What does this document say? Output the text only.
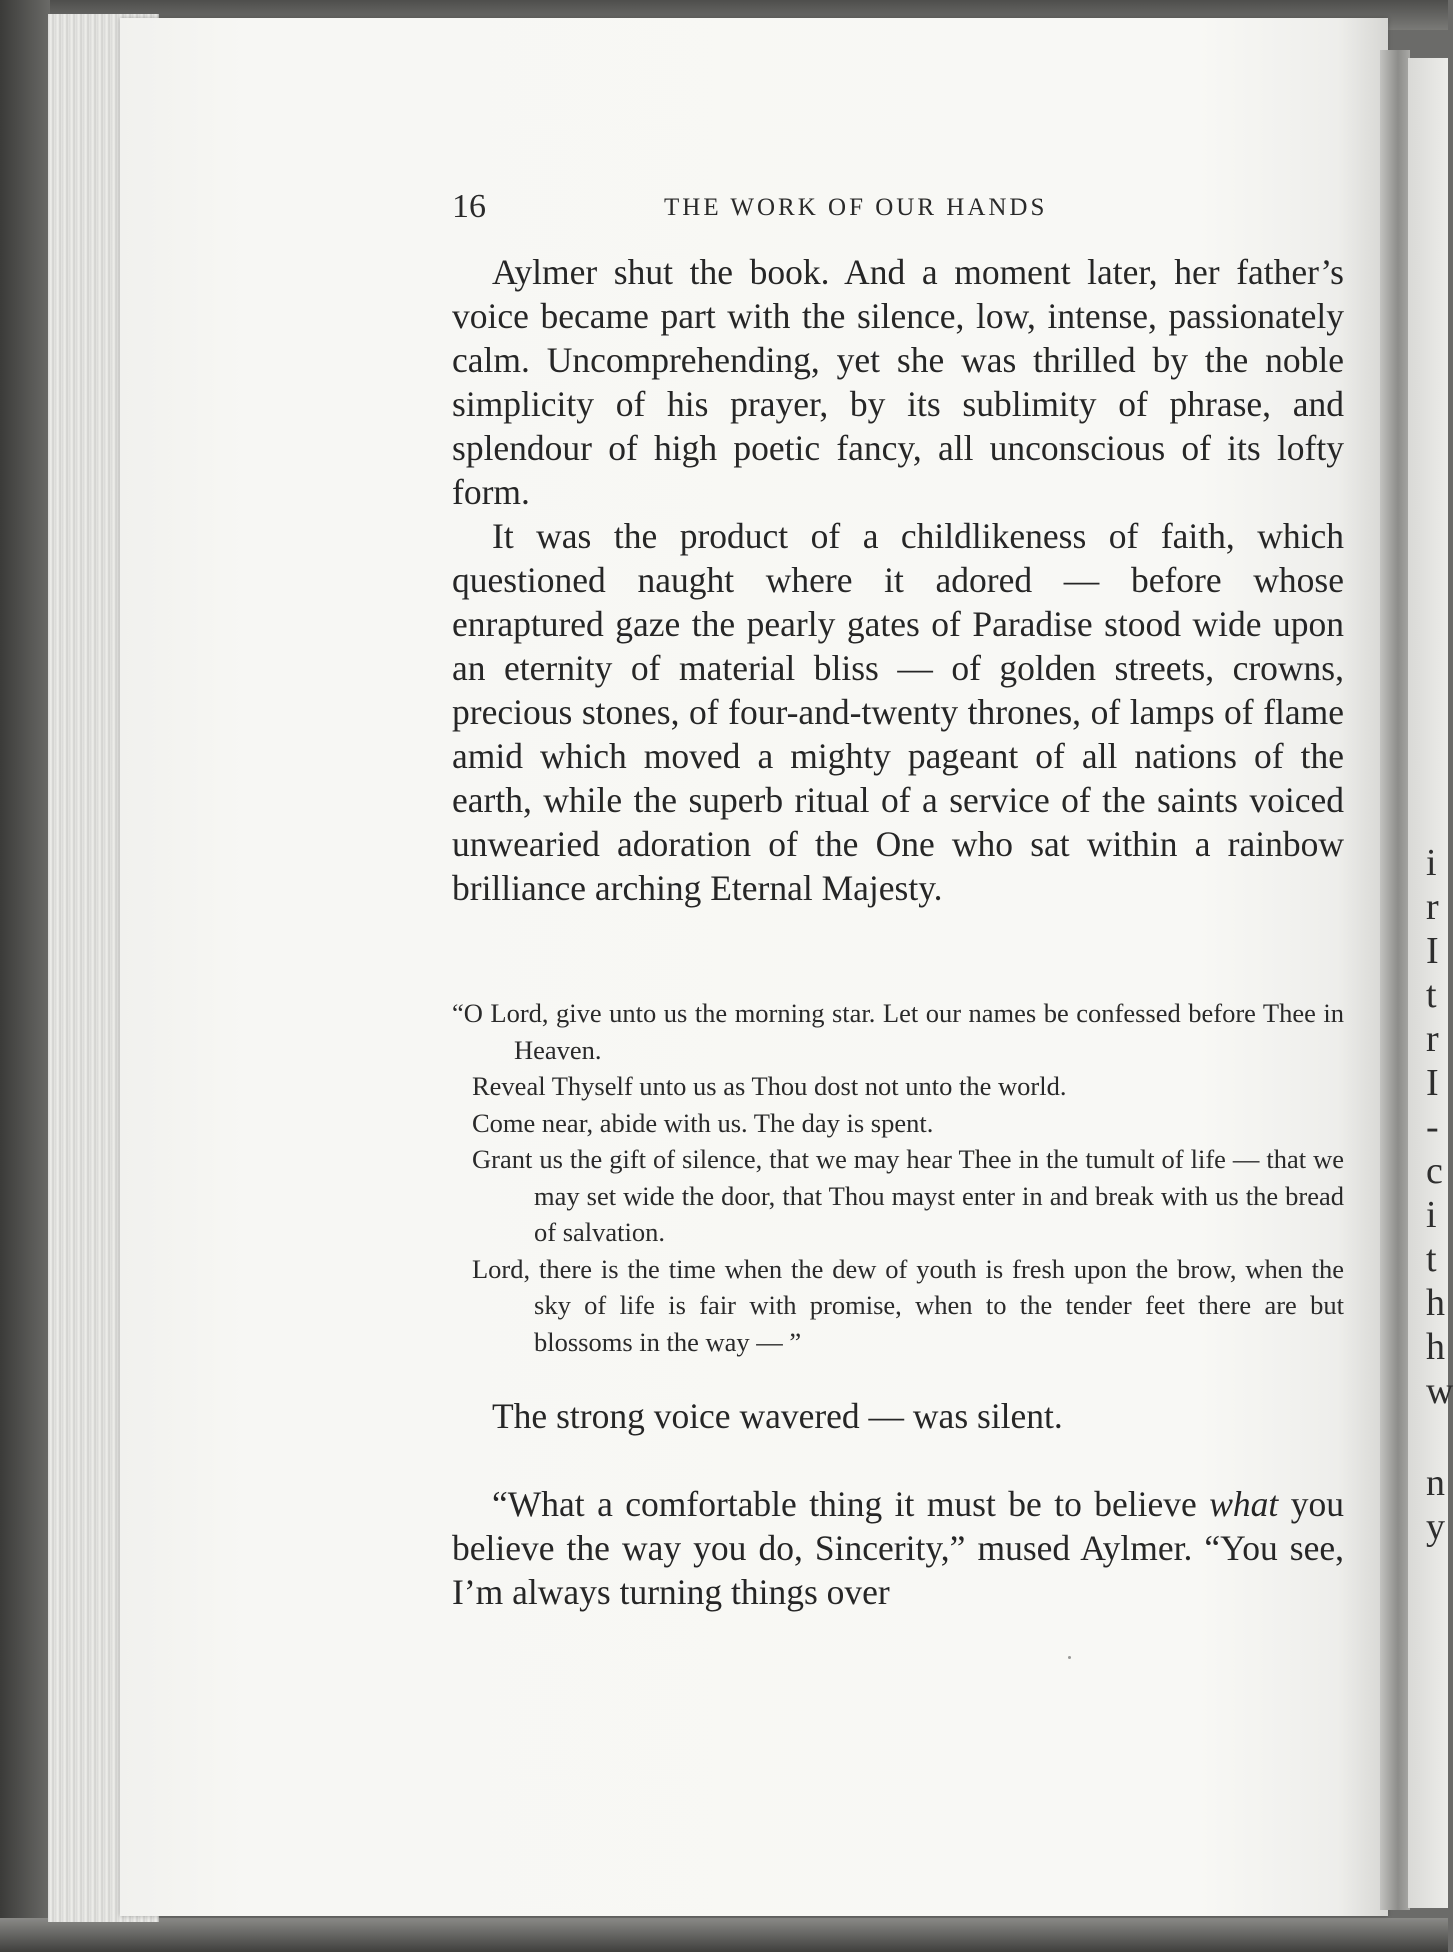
i
r
I
t
r
I
-
c
i
t
h
h
w
n
y
16	THE WORK OF OUR HANDS

Aylmer shut the book. And a moment later, her father’s voice became part with the silence, low, intense, passionately calm. Uncomprehending, yet she was thrilled by the noble simplicity of his prayer, by its sublimity of phrase, and splendour of high poetic fancy, all unconscious of its lofty form.

It was the product of a childlikeness of faith, which questioned naught where it adored — before whose enraptured gaze the pearly gates of Paradise stood wide upon an eternity of material bliss — of golden streets, crowns, precious stones, of four-and-twenty thrones, of lamps of flame amid which moved a mighty pageant of all nations of the earth, while the superb ritual of a service of the saints voiced unwearied adoration of the One who sat within a rainbow brilliance arching Eternal Majesty.

“O Lord, give unto us the morning star. Let our names be confessed before Thee in Heaven.

Reveal Thyself unto us as Thou dost not unto the world.

Come near, abide with us. The day is spent.

Grant us the gift of silence, that we may hear Thee in the tumult of life — that we may set wide the door, that Thou mayst enter in and break with us the bread of salvation.

Lord, there is the time when the dew of youth is fresh upon the brow, when the sky of life is fair with promise, when to the tender feet there are but blossoms in the way — ”

The strong voice wavered — was silent.

“What a comfortable thing it must be to believe what you believe the way you do, Sincerity,” mused Aylmer. “You see, I’m always turning things over
